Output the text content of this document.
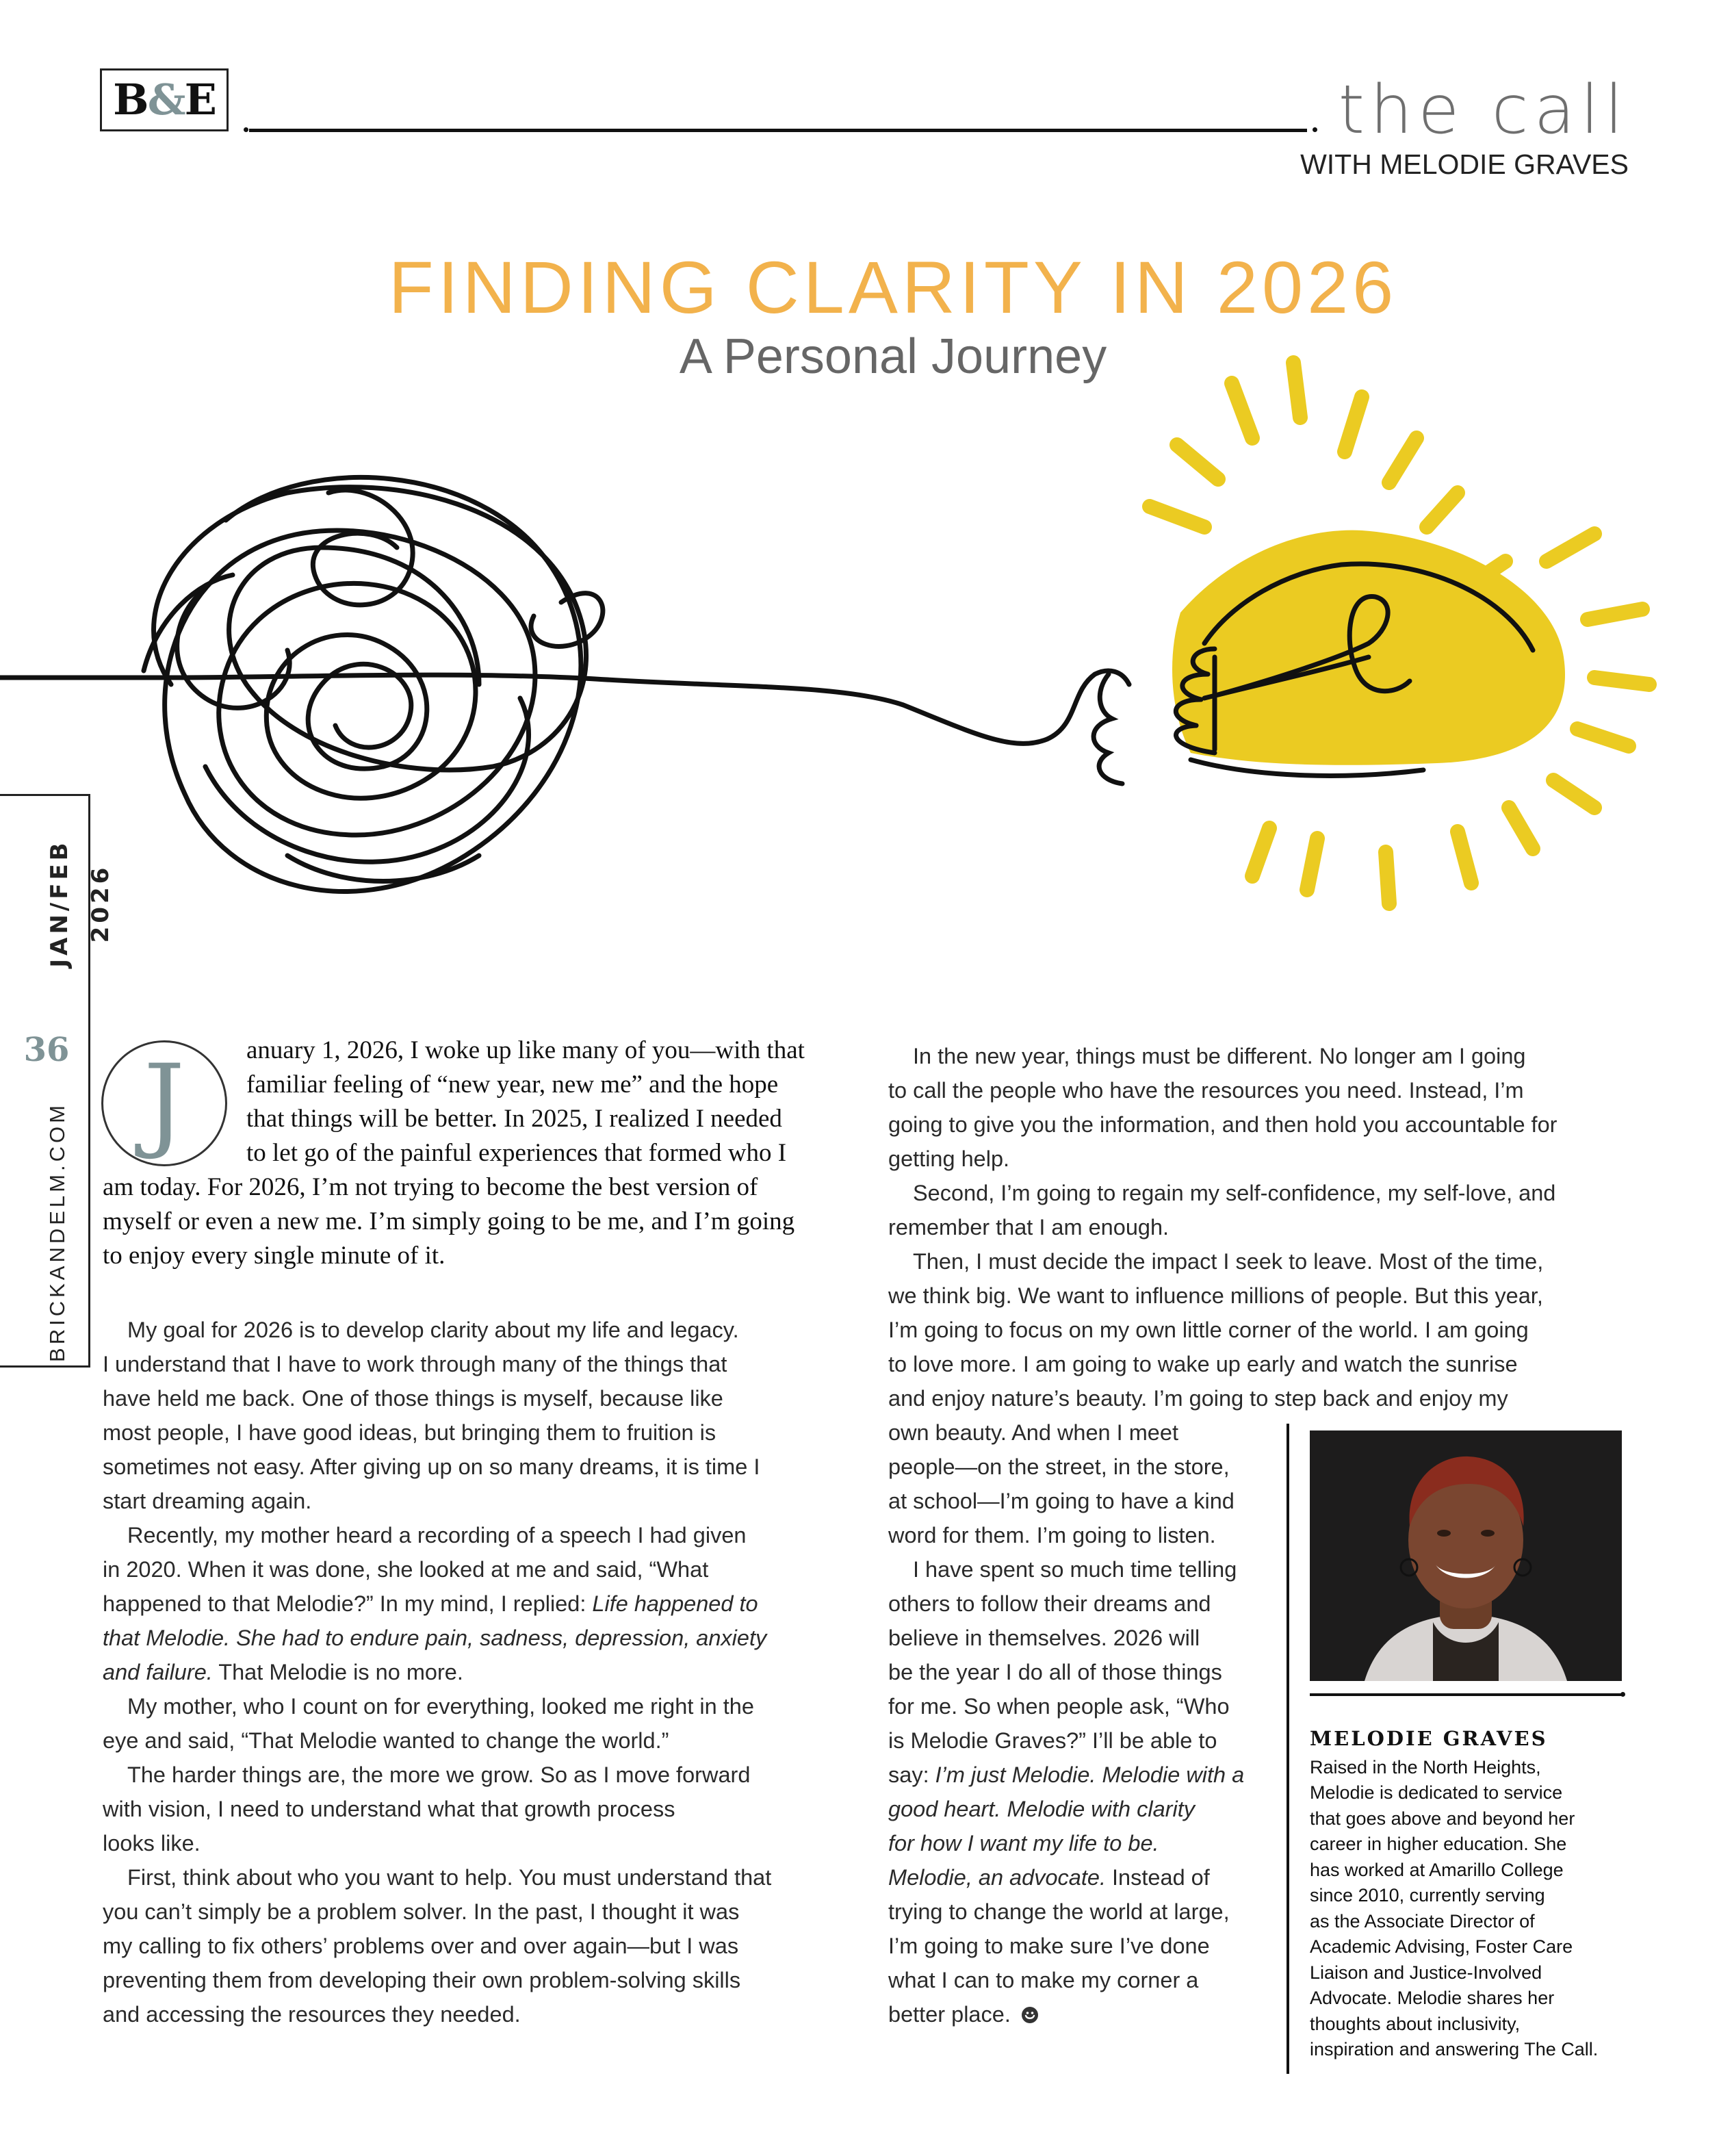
B&E	the call
WITH MELODIE GRAVES
FINDING CLARITY IN 2026
A Personal Journey
JAN/FEB 2026
36
BRICKANDELM.COM J	anuary 1, 2026, I woke up like many of you—with that
familiar feeling of “new year, new me” and the hope
that things will be better. In 2025, I realized I needed
to let go of the painful experiences that formed who I
am today. For 2026, I’m not trying to become the best version of
myself or even a new me. I’m simply going to be me, and I’m going
to enjoy every single minute of it.
My goal for 2026 is to develop clarity about my life and legacy.
I understand that I have to work through many of the things that
have held me back. One of those things is myself, because like
most people, I have good ideas, but bringing them to fruition is
sometimes not easy. After giving up on so many dreams, it is time I
start dreaming again.
Recently, my mother heard a recording of a speech I had given
in 2020. When it was done, she looked at me and said, “What
happened to that Melodie?” In my mind, I replied: Life happened to
that Melodie. She had to endure pain, sadness, depression, anxiety
and failure. That Melodie is no more.
My mother, who I count on for everything, looked me right in the
eye and said, “That Melodie wanted to change the world.”
The harder things are, the more we grow. So as I move forward
with vision, I need to understand what that growth process
looks like.
First, think about who you want to help. You must understand that
you can’t simply be a problem solver. In the past, I thought it was
my calling to fix others’ problems over and over again—but I was
preventing them from developing their own problem-solving skills
and accessing the resources they needed.
In the new year, things must be different. No longer am I going
to call the people who have the resources you need. Instead, I’m
going to give you the information, and then hold you accountable for
getting help.
Second, I’m going to regain my self-confidence, my self-love, and
remember that I am enough.
Then, I must decide the impact I seek to leave. Most of the time,
we think big. We want to influence millions of people. But this year,
I’m going to focus on my own little corner of the world. I am going
to love more. I am going to wake up early and watch the sunrise
and enjoy nature’s beauty. I’m going to step back and enjoy my
own beauty. And when I meet
people—on the street, in the store,
at school—I’m going to have a kind
word for them. I’m going to listen.
I have spent so much time telling
others to follow their dreams and
believe in themselves. 2026 will
be the year I do all of those things
for me. So when people ask, “Who
is Melodie Graves?” I’ll be able to
say: I’m just Melodie. Melodie with a
good heart. Melodie with clarity
for how I want my life to be.
Melodie, an advocate. Instead of
trying to change the world at large,
I’m going to make sure I’ve done
what I can to make my corner a
better place.
MELODIE GRAVES
Raised in the North Heights,
Melodie is dedicated to service
that goes above and beyond her
career in higher education. She
has worked at Amarillo College
since 2010, currently serving
as the Associate Director of
Academic Advising, Foster Care
Liaison and Justice-Involved
Advocate. Melodie shares her
thoughts about inclusivity,
inspiration and answering The Call.
